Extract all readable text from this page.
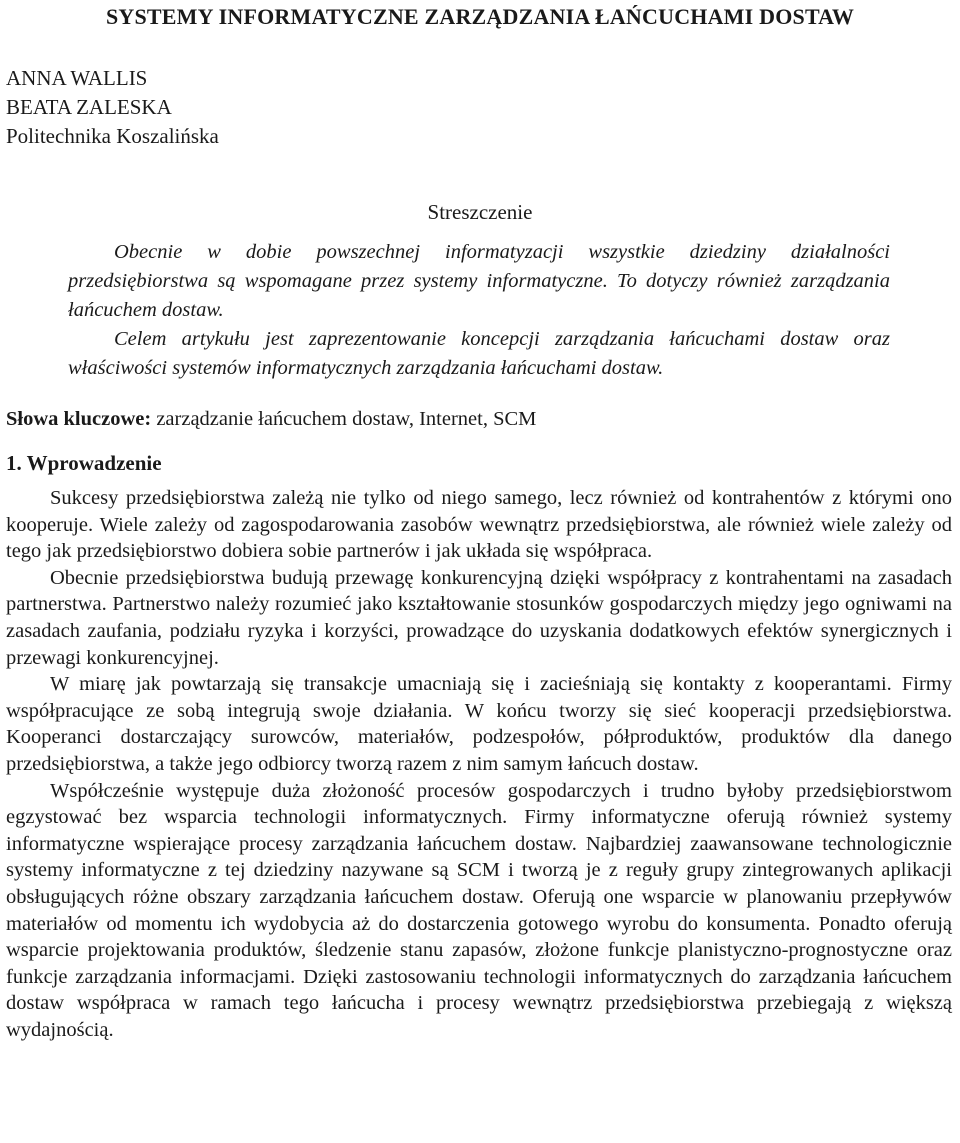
SYSTEMY INFORMATYCZNE ZARZĄDZANIA ŁAŃCUCHAMI DOSTAW
ANNA WALLIS
BEATA ZALESKA
Politechnika Koszalińska
Streszczenie

Obecnie w dobie powszechnej informatyzacji wszystkie dziedziny działalności przedsiębiorstwa są wspomagane przez systemy informatyczne. To dotyczy również zarządzania łańcuchem dostaw.

Celem artykułu jest zaprezentowanie koncepcji zarządzania łańcuchami dostaw oraz właściwości systemów informatycznych zarządzania łańcuchami dostaw.

Słowa kluczowe: zarządzanie łańcuchem dostaw, Internet, SCM
1. Wprowadzenie

Sukcesy przedsiębiorstwa zależą nie tylko od niego samego, lecz również od kontrahentów z którymi ono kooperuje. Wiele zależy od zagospodarowania zasobów wewnątrz przedsiębiorstwa, ale również wiele zależy od tego jak przedsiębiorstwo dobiera sobie partnerów i jak układa się współpraca.

Obecnie przedsiębiorstwa budują przewagę konkurencyjną dzięki współpracy z kontrahentami na zasadach partnerstwa. Partnerstwo należy rozumieć jako kształtowanie stosunków gospodarczych między jego ogniwami na zasadach zaufania, podziału ryzyka i korzyści, prowadzące do uzyskania dodatkowych efektów synergicznych i przewagi konkurencyjnej.

W miarę jak powtarzają się transakcje umacniają się i zacieśniają się kontakty z kooperantami. Firmy współpracujące ze sobą integrują swoje działania. W końcu tworzy się sieć kooperacji przedsiębiorstwa. Kooperanci dostarczający surowców, materiałów, podzespołów, półproduktów, produktów dla danego przedsiębiorstwa, a także jego odbiorcy tworzą razem z nim samym łańcuch dostaw.

Współcześnie występuje duża złożoność procesów gospodarczych i trudno byłoby przedsiębiorstwom egzystować bez wsparcia technologii informatycznych. Firmy informatyczne oferują również systemy informatyczne wspierające procesy zarządzania łańcuchem dostaw. Najbardziej zaawansowane technologicznie systemy informatyczne z tej dziedziny nazywane są SCM i tworzą je z reguły grupy zintegrowanych aplikacji obsługujących różne obszary zarządzania łańcuchem dostaw. Oferują one wsparcie w planowaniu przepływów materiałów od momentu ich wydobycia aż do dostarczenia gotowego wyrobu do konsumenta. Ponadto oferują wsparcie projektowania produktów, śledzenie stanu zapasów, złożone funkcje planistyczno-prognostyczne oraz funkcje zarządzania informacjami. Dzięki zastosowaniu technologii informatycznych do zarządzania łańcuchem dostaw współpraca w ramach tego łańcucha i procesy wewnątrz przedsiębiorstwa przebiegają z większą wydajnością.
